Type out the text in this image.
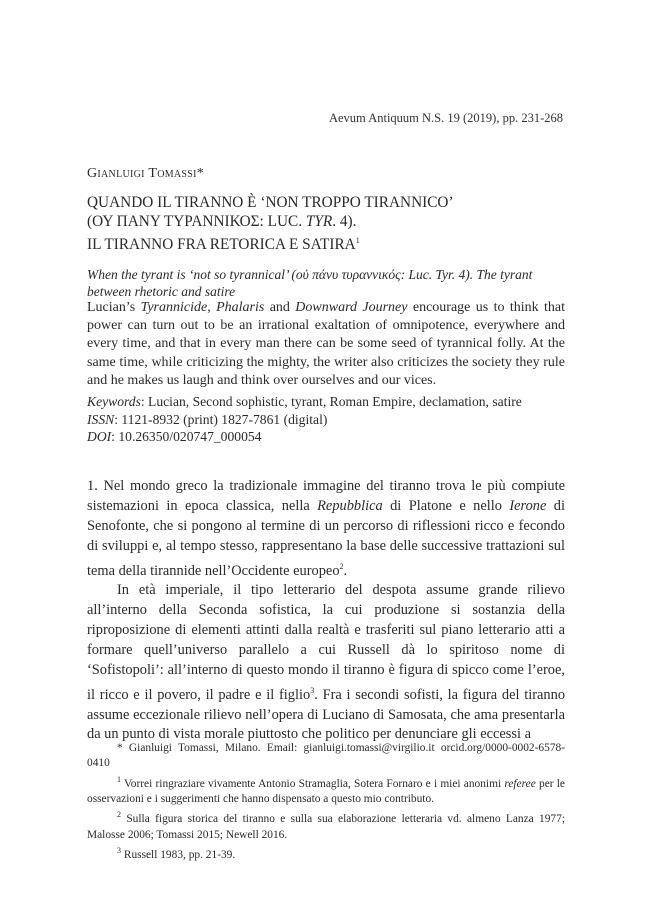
Aevum Antiquum N.S. 19 (2019), pp. 231-268
Gianluigi Tomassi*
QUANDO IL TIRANNO È ‘NON TROPPO TIRANNICO’
(ΟΥ ΠΑΝΥ ΤΥΡΑΝΝΙΚΟΣ: LUC. TYR. 4).
IL TIRANNO FRA RETORICA E SATIRA$^1$
When the tyrant is ‘not so tyrannical’ (οὐ πάνυ τυραννικός: Luc. Tyr. 4). The tyrant between rhetoric and satire
Lucian’s Tyrannicide, Phalaris and Downward Journey encourage us to think that power can turn out to be an irrational exaltation of omnipotence, everywhere and every time, and that in every man there can be some seed of tyrannical folly. At the same time, while criticizing the mighty, the writer also criticizes the society they rule and he makes us laugh and think over ourselves and our vices.
Keywords: Lucian, Second sophistic, tyrant, Roman Empire, declamation, satire
ISSN: 1121-8932 (print) 1827-7861 (digital)
DOI: 10.26350/020747_000054

1. Nel mondo greco la tradizionale immagine del tiranno trova le più compiute sistemazioni in epoca classica, nella Repubblica di Platone e nello Ierone di Senofonte, che si pongono al termine di un percorso di riflessioni ricco e fecondo di sviluppi e, al tempo stesso, rappresentano la base delle successive trattazioni sul tema della tirannide nell’Occidente europeo$^2$.

In età imperiale, il tipo letterario del despota assume grande rilievo all’interno della Seconda sofistica, la cui produzione si sostanzia della riproposizione di elementi attinti dalla realtà e trasferiti sul piano letterario atti a formare quell’universo parallelo a cui Russell dà lo spiritoso nome di ‘Sofistopoli’: all’interno di questo mondo il tiranno è figura di spicco come l’eroe, il ricco e il povero, il padre e il figlio$^3$. Fra i secondi sofisti, la figura del tiranno assume eccezionale rilievo nell’opera di Luciano di Samosata, che ama presentarla da un punto di vista morale piuttosto che politico per denunciare gli eccessi a

* Gianluigi Tomassi, Milano. Email: gianluigi.tomassi@virgilio.it orcid.org/0000-0002-6578-0410

$^1$ Vorrei ringraziare vivamente Antonio Stramaglia, Sotera Fornaro e i miei anonimi referee per le osservazioni e i suggerimenti che hanno dispensato a questo mio contributo.

$^2$ Sulla figura storica del tiranno e sulla sua elaborazione letteraria vd. almeno Lanza 1977; Malosse 2006; Tomassi 2015; Newell 2016.

$^3$ Russell 1983, pp. 21-39.
